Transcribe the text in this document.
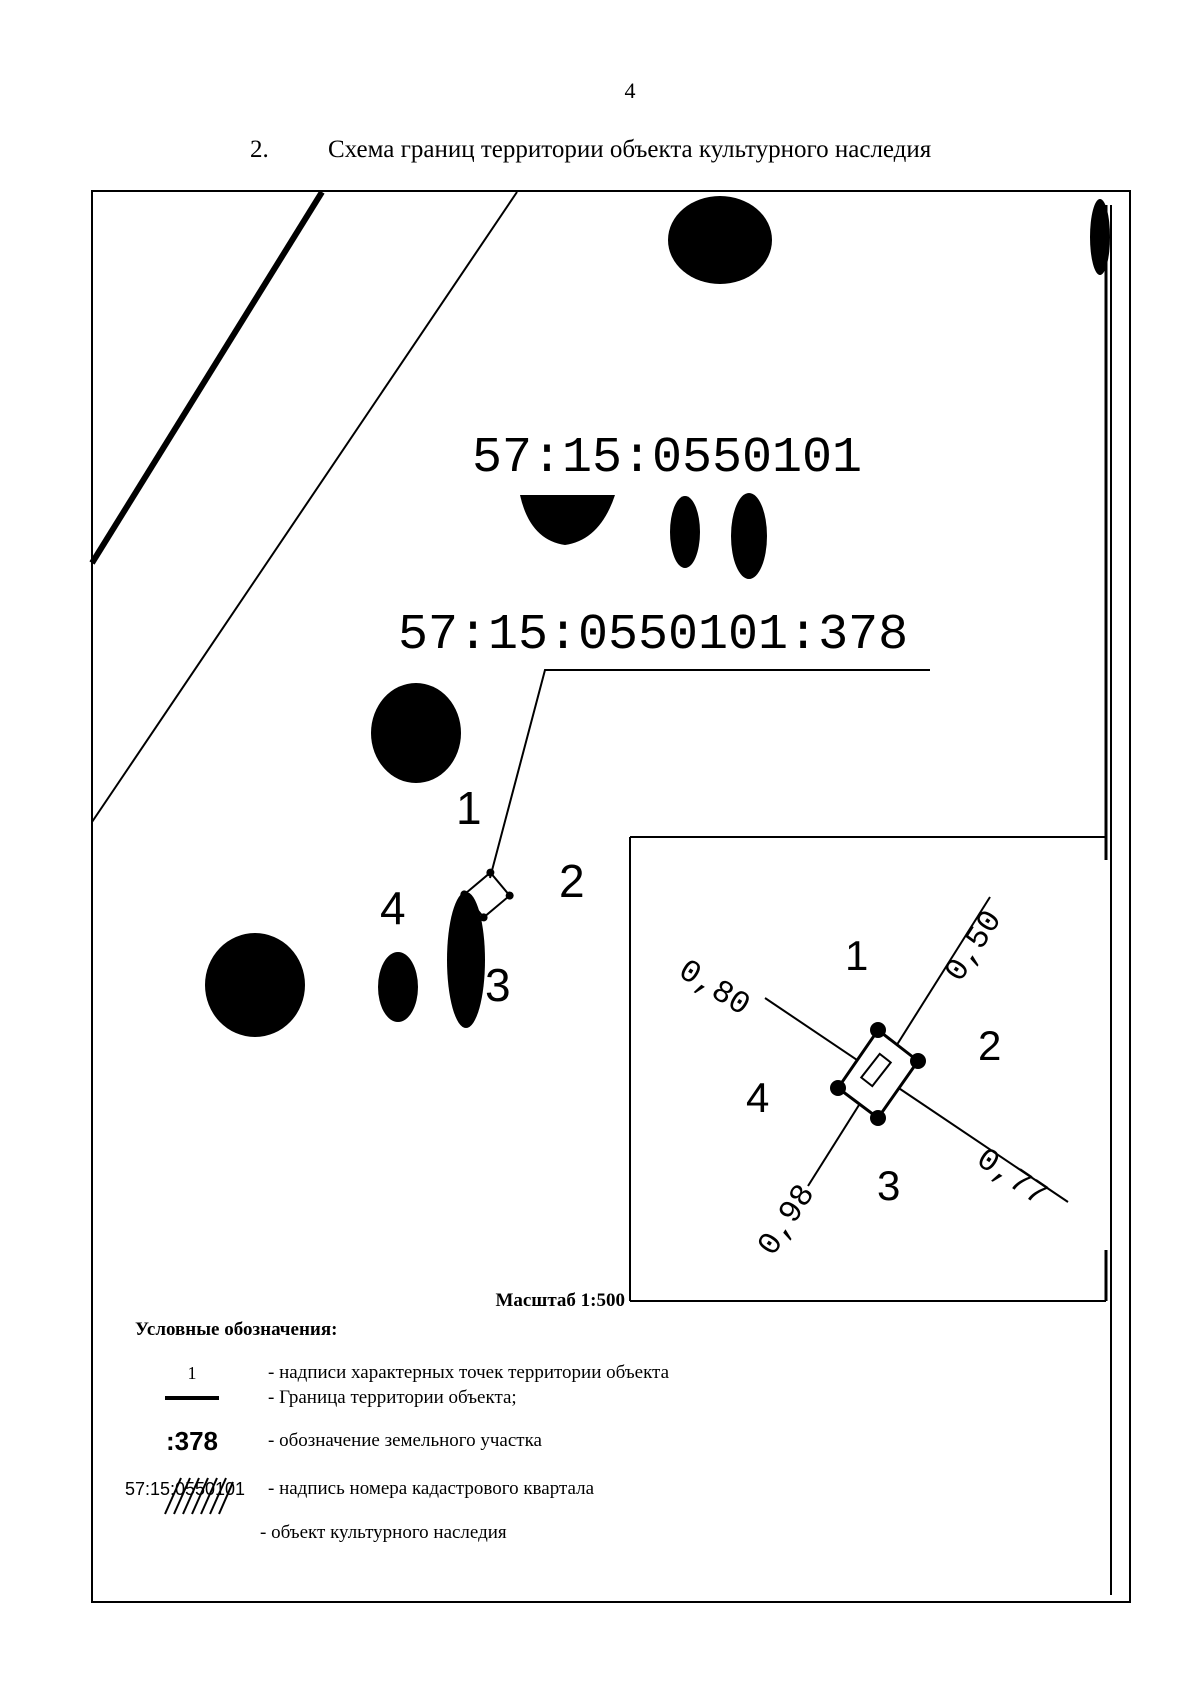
4
2. Схема границ территории объекта культурного наследия
57:15:0550101
57:15:0550101:378
1
2
3
4
1
2
3
4
0,80	0,50
0,77
0,98
Масштаб 1:500
Условные обозначения:
1	- надписи характерных точек территории объекта
- Граница территории объекта;
:378	- обозначение земельного участка
57:15:0550101 - надпись номера кадастрового квартала
- объект культурного наследия
